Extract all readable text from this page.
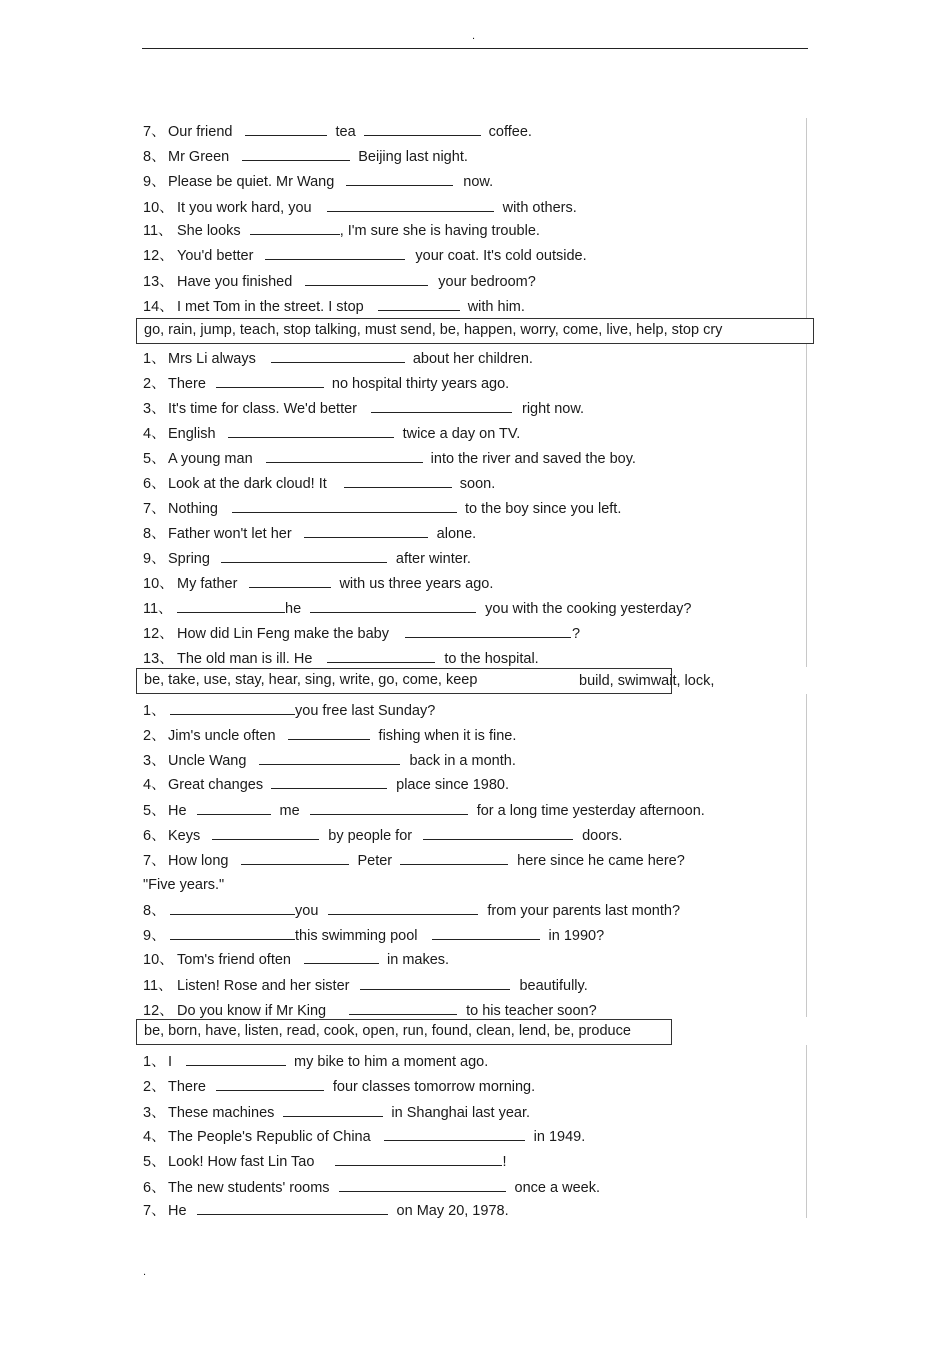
.
7、 Our friend	tea	coffee.
8、 Mr Green	Beijing last night.
9、 Please be quiet. Mr Wang	now.
10、 It you work hard, you	with others.
11、 She looks	, I'm sure she is having trouble.
12、 You'd better	your coat. It's cold outside.
13、 Have you finished	your bedroom?
14、 I met Tom in the street. I stop	with him.
go, rain, jump, teach, stop talking, must send, be, happen, worry, come, live, help, stop cry
1、 Mrs Li always	about her children.
2、 There	no hospital thirty years ago.
3、 It's time for class. We'd better	right now.
4、 English	twice a day on TV.
5、 A young man	into the river and saved the boy.
6、 Look at the dark cloud! It	soon.
7、 Nothing	to the boy since you left.
8、 Father won't let her	alone.
9、 Spring	after winter.
10、 My father	with us three years ago.
11、	he	you with the cooking yesterday?
12、 How did Lin Feng make the baby	?
13、 The old man is ill. He	to the hospital.
be, take, use, stay, hear, sing, write, go, come, keep	build, swimwait, lock,
1、	you free last Sunday?
2、 Jim's uncle often	fishing when it is fine.
3、 Uncle Wang	back in a month.
4、 Great changes	place since 1980.
5、 He	me	for a long time yesterday afternoon.
6、 Keys	by people for	doors.
7、 How long	Peter	here since he came here?
"Five years."
8、	you	from your parents last month?
9、	this swimming pool	in 1990?
10、 Tom's friend often	in makes.
11、 Listen! Rose and her sister	beautifully.
12、 Do you know if Mr King	to his teacher soon?
be, born, have, listen, read, cook, open, run, found, clean, lend, be, produce
1、 I	my bike to him a moment ago.
2、 There	four classes tomorrow morning.
3、 These machines	in Shanghai last year.
4、 The People's Republic of China	in 1949.
5、 Look! How fast Lin Tao	!
6、 The new students' rooms	once a week.
7、 He	on May 20, 1978.
.
